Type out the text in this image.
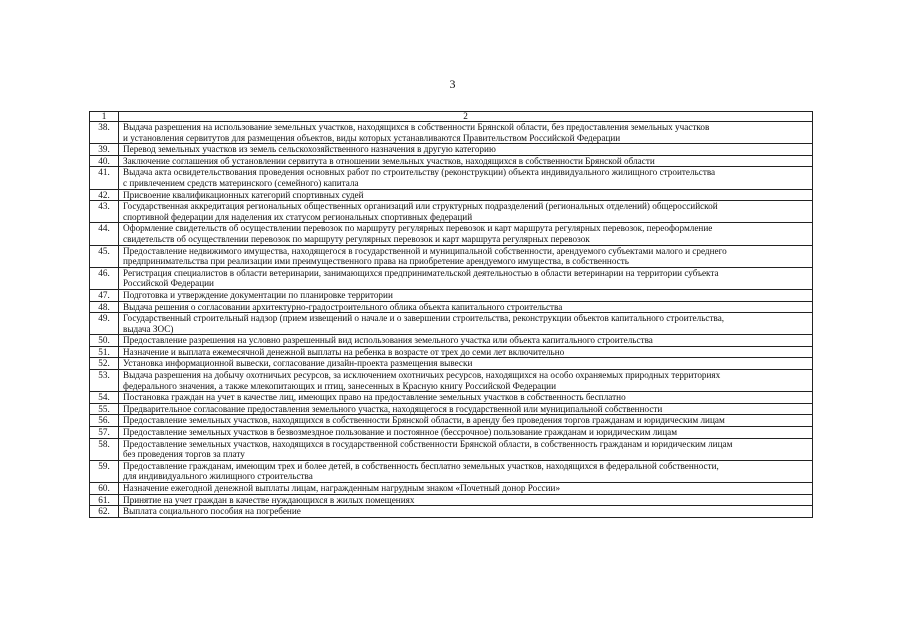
3
1	2
38.	Выдача разрешения на использование земельных участков, находящихся в собственности Брянской области, без предоставления земельных участков
и установления сервитутов для размещения объектов, виды которых устанавливаются Правительством Российской Федерации
39.	Перевод земельных участков из земель сельскохозяйственного назначения в другую категорию
40.	Заключение соглашения об установлении сервитута в отношении земельных участков, находящихся в собственности Брянской области
41.	Выдача акта освидетельствования проведения основных работ по строительству (реконструкции) объекта индивидуального жилищного строительства
с привлечением средств материнского (семейного) капитала
42.	Присвоение квалификационных категорий спортивных судей
43.	Государственная аккредитация региональных общественных организаций или структурных подразделений (региональных отделений) общероссийской
спортивной федерации для наделения их статусом региональных спортивных федераций
44.	Оформление свидетельств об осуществлении перевозок по маршруту регулярных перевозок и карт маршрута регулярных перевозок, переоформление
свидетельств об осуществлении перевозок по маршруту регулярных перевозок и карт маршрута регулярных перевозок
45.	Предоставление недвижимого имущества, находящегося в государственной и муниципальной собственности, арендуемого субъектами малого и среднего
предпринимательства при реализации ими преимущественного права на приобретение арендуемого имущества, в собственность
46.	Регистрация специалистов в области ветеринарии, занимающихся предпринимательской деятельностью в области ветеринарии на территории субъекта
Российской Федерации
47.	Подготовка и утверждение документации по планировке территории
48.	Выдача решения о согласовании архитектурно-градостроительного облика объекта капитального строительства
49.	Государственный строительный надзор (прием извещений о начале и о завершении строительства, реконструкции объектов капитального строительства,
выдача ЗОС)
50.	Предоставление разрешения на условно разрешенный вид использования земельного участка или объекта капитального строительства
51.	Назначение и выплата ежемесячной денежной выплаты на ребенка в возрасте от трех до семи лет включительно
52.	Установка информационной вывески, согласование дизайн-проекта размещения вывески
53.	Выдача разрешения на добычу охотничьих ресурсов, за исключением охотничьих ресурсов, находящихся на особо охраняемых природных территориях
федерального значения, а также млекопитающих и птиц, занесенных в Красную книгу Российской Федерации
54.	Постановка граждан на учет в качестве лиц, имеющих право на предоставление земельных участков в собственность бесплатно
55.	Предварительное согласование предоставления земельного участка, находящегося в государственной или муниципальной собственности
56.	Предоставление земельных участков, находящихся в собственности Брянской области, в аренду без проведения торгов гражданам и юридическим лицам
57.	Предоставление земельных участков в безвозмездное пользование и постоянное (бессрочное) пользование гражданам и юридическим лицам
58.	Предоставление земельных участков, находящихся в государственной собственности Брянской области, в собственность гражданам и юридическим лицам
без проведения торгов за плату
59.	Предоставление гражданам, имеющим трех и более детей, в собственность бесплатно земельных участков, находящихся в федеральной собственности,
для индивидуального жилищного строительства
60.	Назначение ежегодной денежной выплаты лицам, награжденным нагрудным знаком «Почетный донор России»
61.	Принятие на учет граждан в качестве нуждающихся в жилых помещениях
62.	Выплата социального пособия на погребение
